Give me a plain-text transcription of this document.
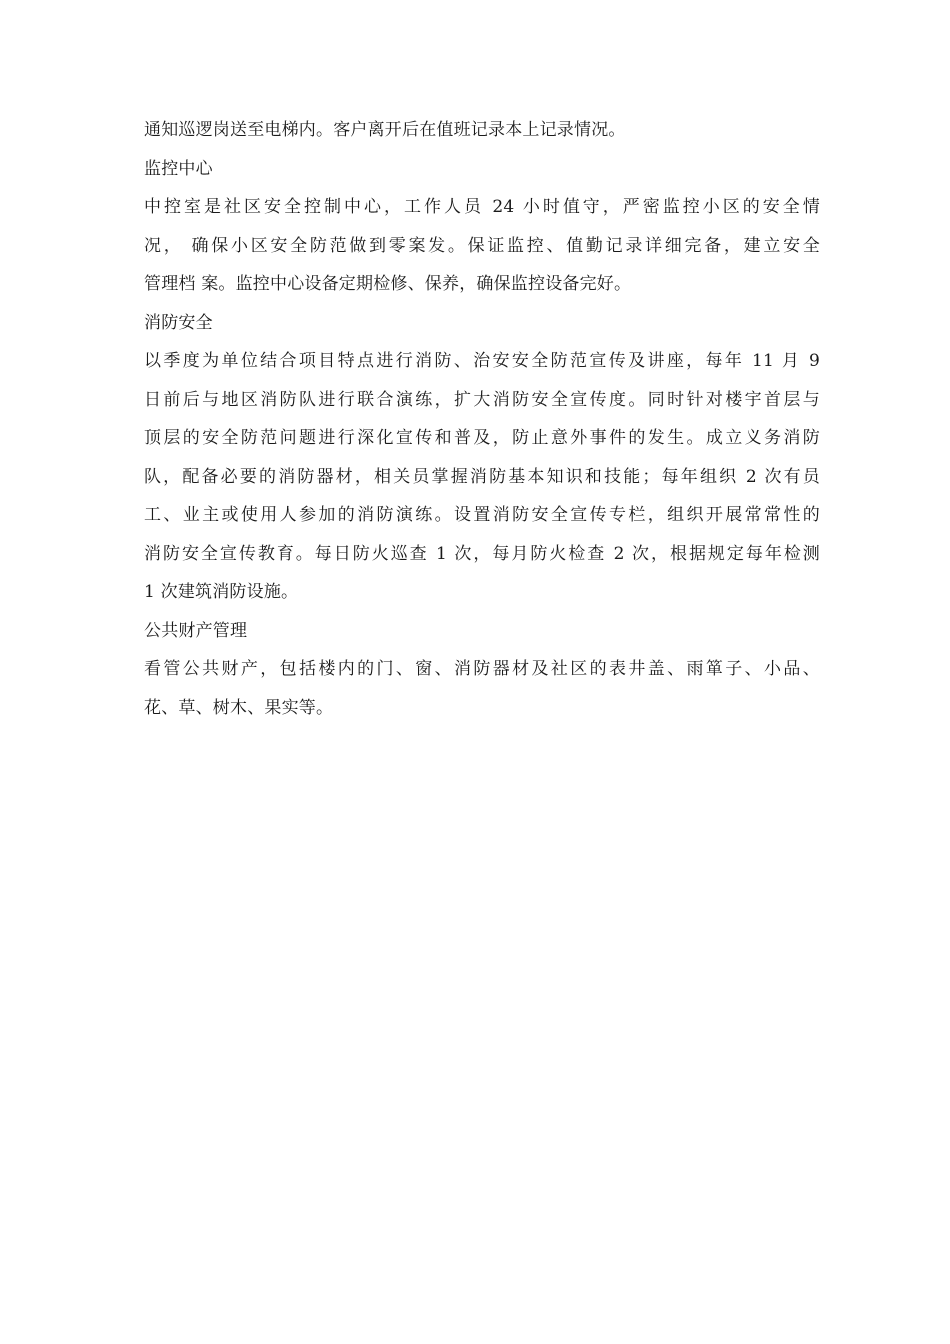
通知巡逻岗送至电梯内。客户离开后在值班记录本上记录情况。
监控中心
中控室是社区安全控制中心，工作人员 24 小时值守，严密监控小区的安全情
况， 确保小区安全防范做到零案发。保证监控、值勤记录详细完备，建立安全
管理档 案。监控中心设备定期检修、保养，确保监控设备完好。
消防安全
以季度为单位结合项目特点进行消防、治安安全防范宣传及讲座，每年 11 月 9
日前后与地区消防队进行联合演练，扩大消防安全宣传度。同时针对楼宇首层与
顶层的安全防范问题进行深化宣传和普及，防止意外事件的发生。成立义务消防
队，配备必要的消防器材，相关员掌握消防基本知识和技能；每年组织 2 次有员
工、业主或使用人参加的消防演练。设置消防安全宣传专栏，组织开展常常性的
消防安全宣传教育。每日防火巡查 1 次，每月防火检查 2 次，根据规定每年检测
1 次建筑消防设施。
公共财产管理
看管公共财产，包括楼内的门、窗、消防器材及社区的表井盖、雨箪子、小品、
花、草、树木、果实等。
